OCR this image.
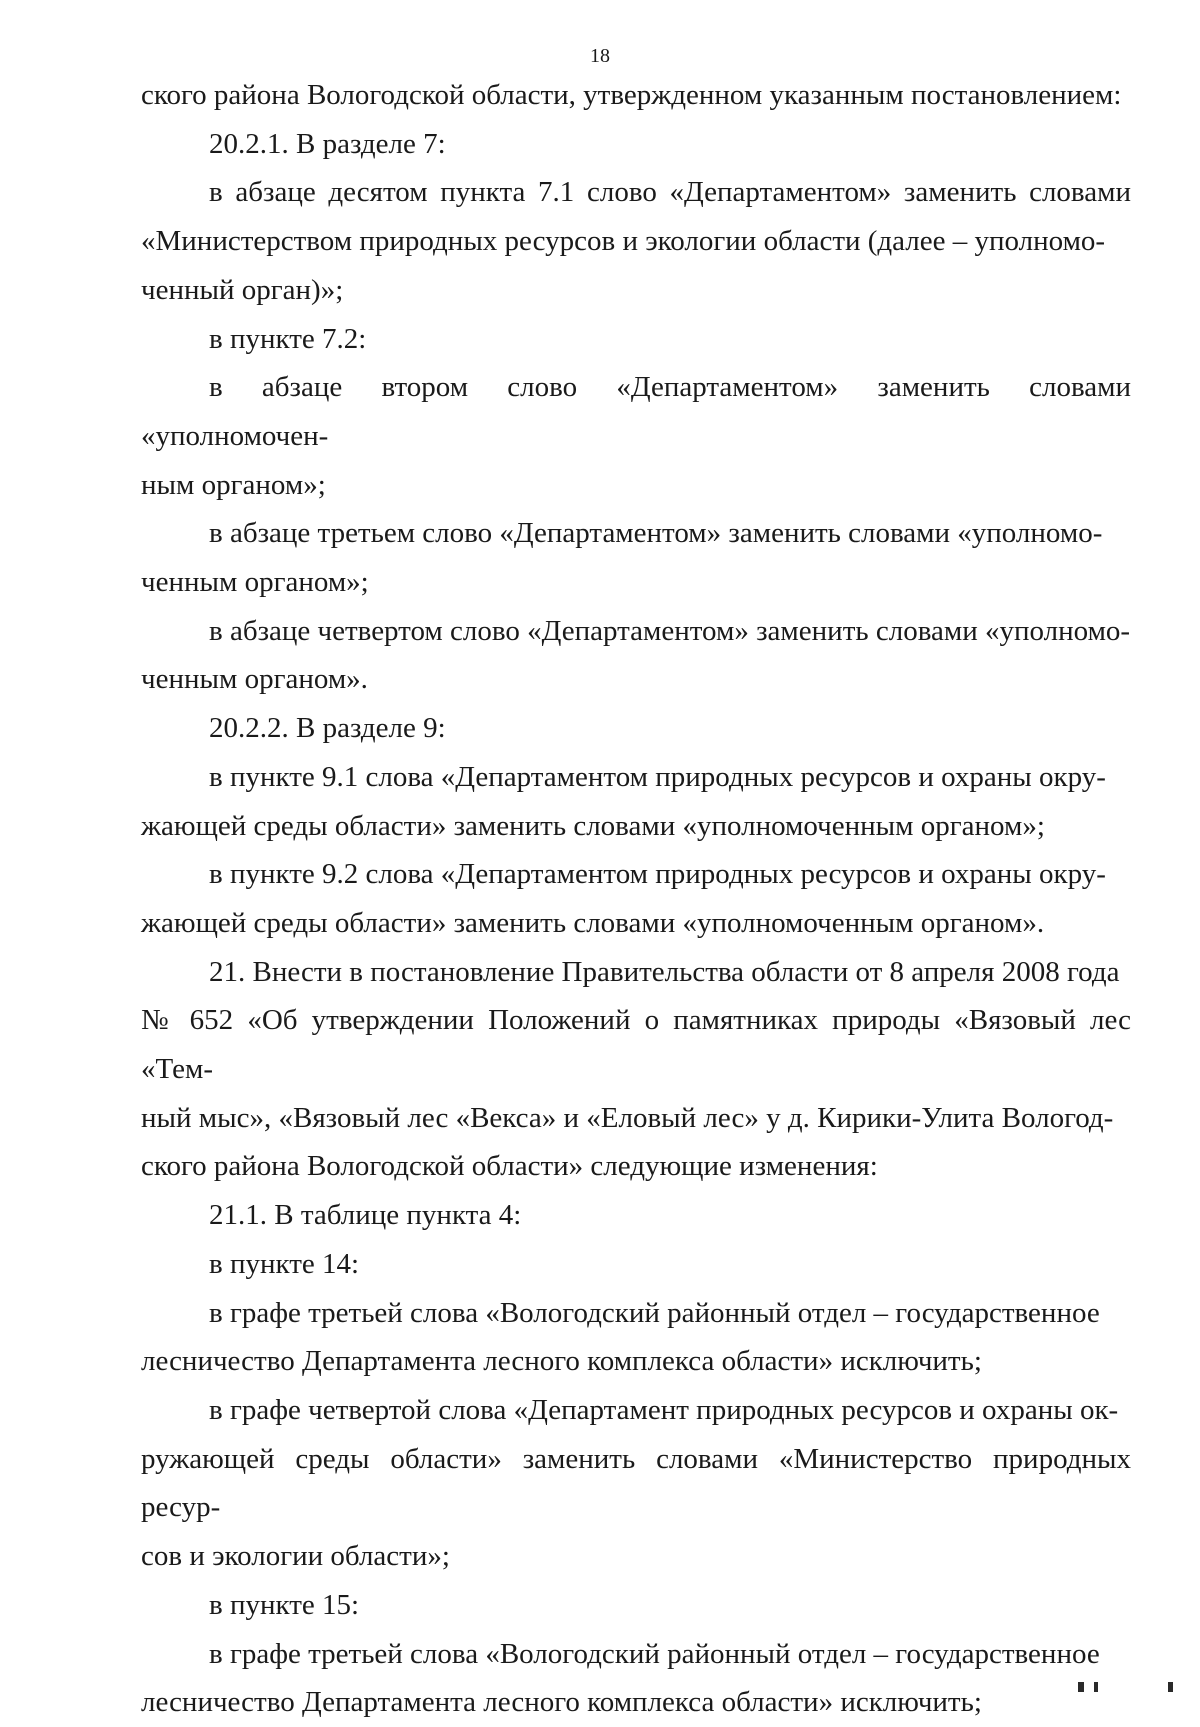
18

ского района Вологодской области, утвержденном указанным постановлением:

20.2.1. В разделе 7:

в абзаце десятом пункта 7.1 слово «Департаментом» заменить словами «Министерством природных ресурсов и экологии области (далее – уполномо-
ченный орган)»;

в пункте 7.2:

в абзаце втором слово «Департаментом» заменить словами «уполномочен-
ным органом»;

в абзаце третьем слово «Департаментом» заменить словами «уполномо-
ченным органом»;

в абзаце четвертом слово «Департаментом» заменить словами «уполномо-
ченным органом».

20.2.2. В разделе 9:

в пункте 9.1 слова «Департаментом природных ресурсов и охраны окру-
жающей среды области» заменить словами «уполномоченным органом»;

в пункте 9.2 слова «Департаментом природных ресурсов и охраны окру-
жающей среды области» заменить словами «уполномоченным органом».

21. Внести в постановление Правительства области от 8 апреля 2008 года
№ 652 «Об утверждении Положений о памятниках природы «Вязовый лес «Тем-
ный мыс», «Вязовый лес «Векса» и «Еловый лес» у д. Кирики-Улита Вологод-
ского района Вологодской области» следующие изменения:

21.1. В таблице пункта 4:

в пункте 14:

в графе третьей слова «Вологодский районный отдел – государственное
лесничество Департамента лесного комплекса области» исключить;

в графе четвертой слова «Департамент природных ресурсов и охраны ок-
ружающей среды области» заменить словами «Министерство природных ресур-
сов и экологии области»;

в пункте 15:

в графе третьей слова «Вологодский районный отдел – государственное
лесничество Департамента лесного комплекса области» исключить;
